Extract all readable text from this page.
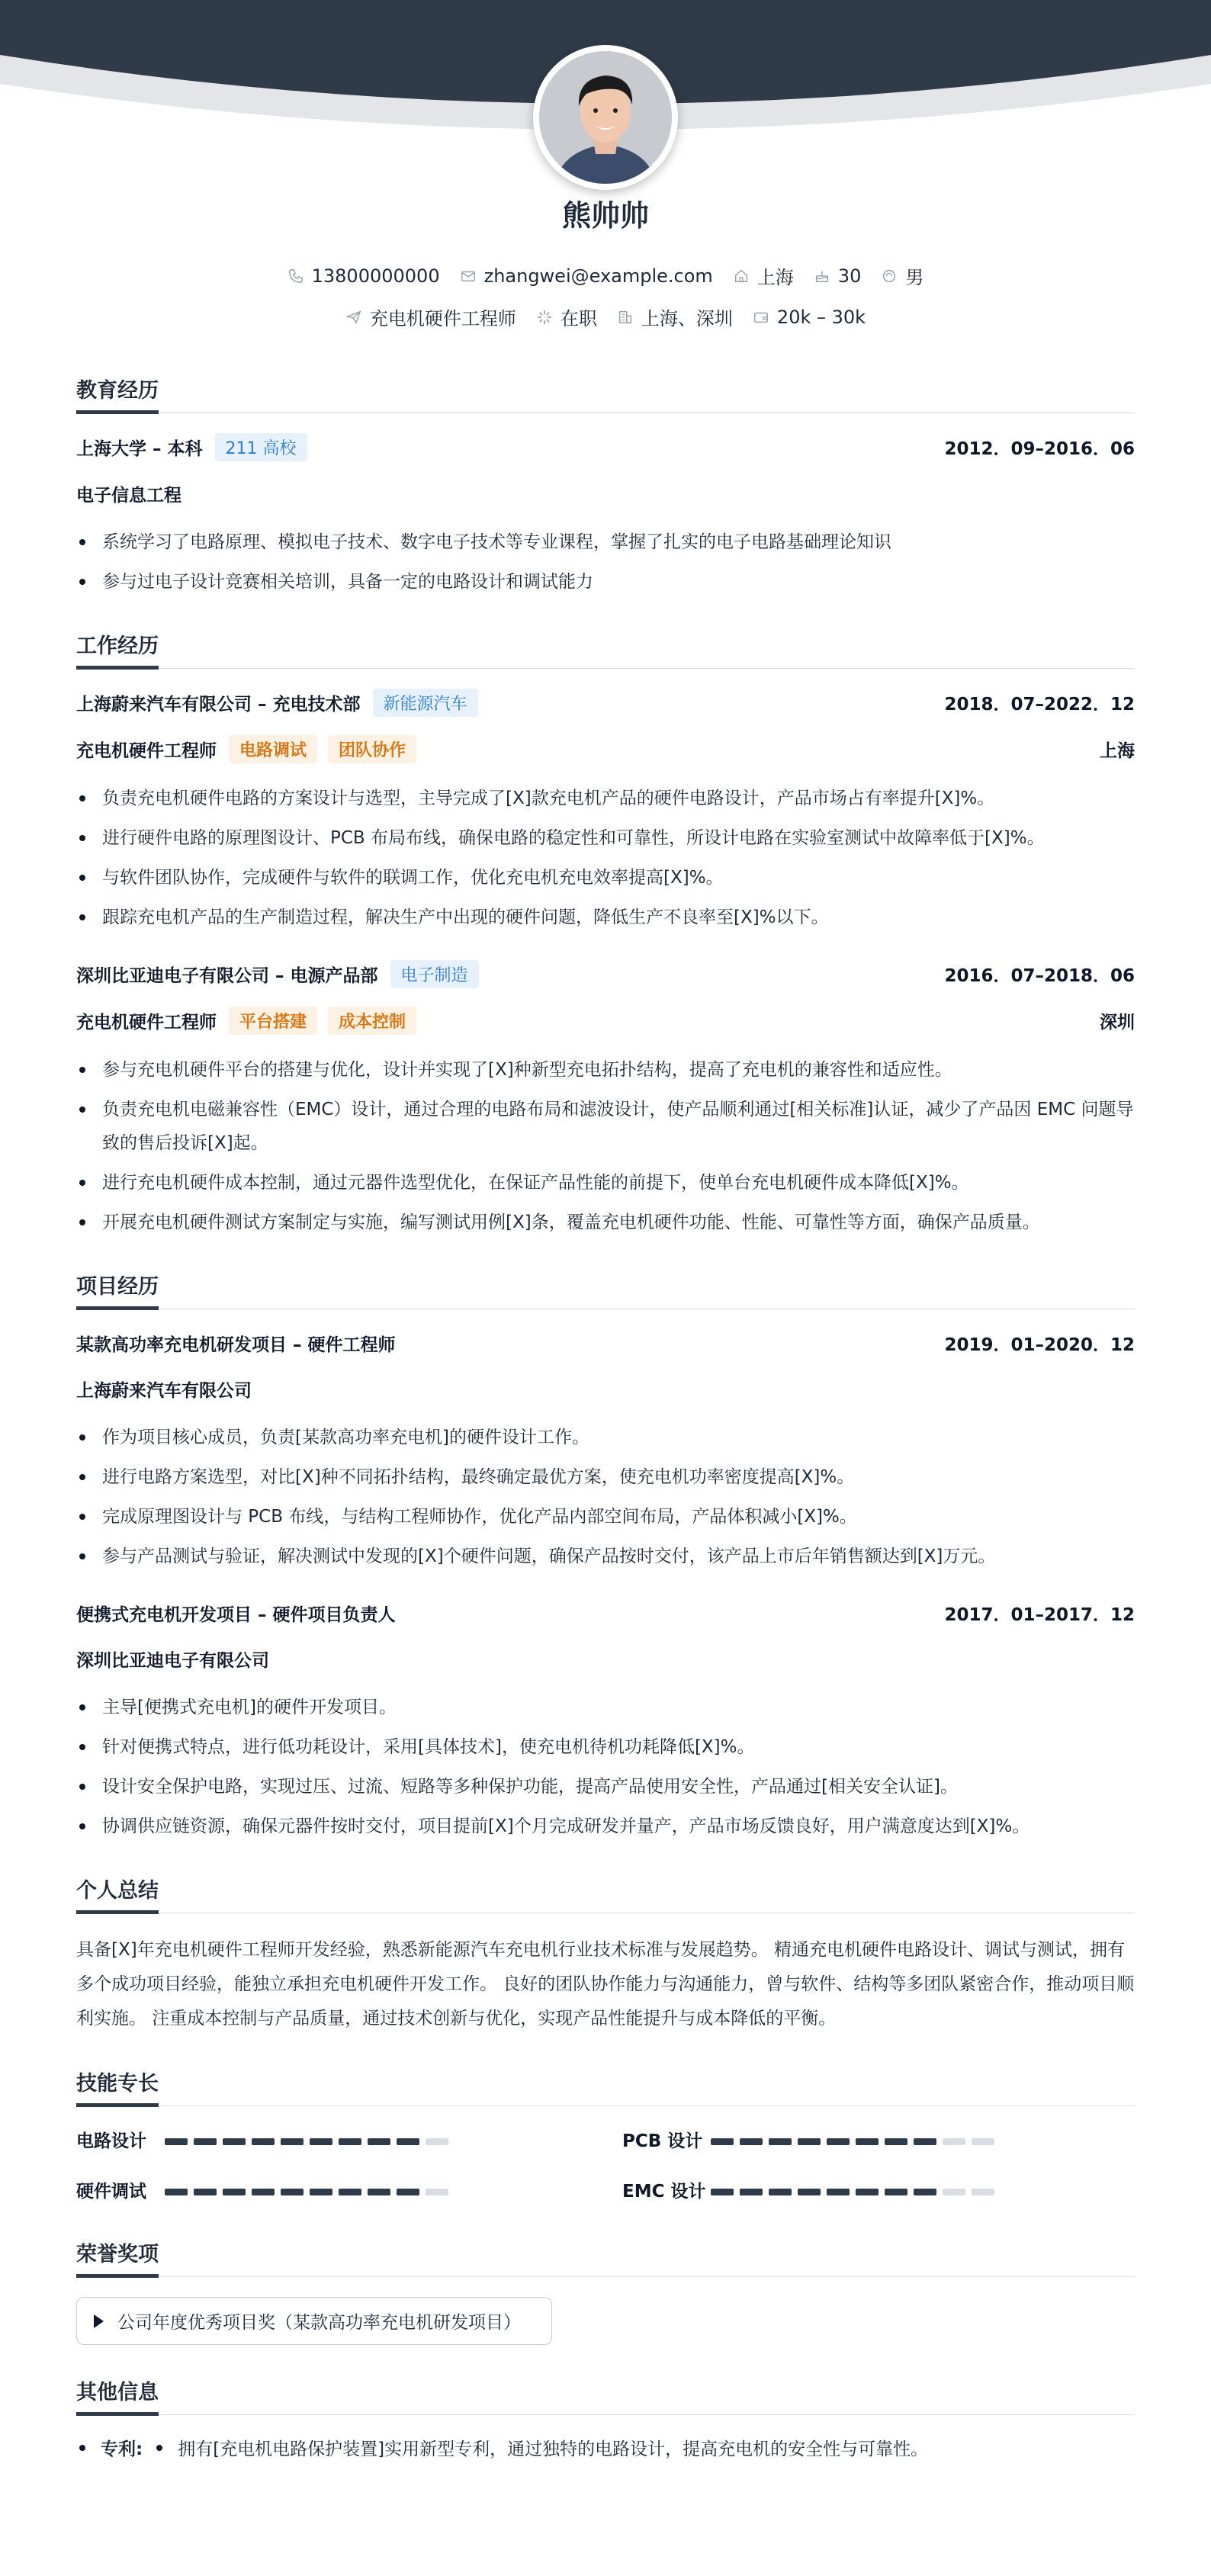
熊帅帅
13800000000 zhangwei@example.com 上海 30 男
充电机硬件工程师 在职 上海、深圳 20k – 30k
教育经历
上海大学 – 本科	211 高校	2012．09–2016．06
电子信息工程
系统学习了电路原理、模拟电子技术、数字电子技术等专业课程，掌握了扎实的电子电路基础理论知识
参与过电子设计竞赛相关培训，具备一定的电路设计和调试能力
工作经历
上海蔚来汽车有限公司 – 充电技术部	新能源汽车	2018．07–2022．12
充电机硬件工程师	电路调试	团队协作	上海
负责充电机硬件电路的方案设计与选型，主导完成了[X]款充电机产品的硬件电路设计，产品市场占有率提升[X]%。
进行硬件电路的原理图设计、PCB 布局布线，确保电路的稳定性和可靠性，所设计电路在实验室测试中故障率低于[X]%。
与软件团队协作，完成硬件与软件的联调工作，优化充电机充电效率提高[X]%。
跟踪充电机产品的生产制造过程，解决生产中出现的硬件问题，降低生产不良率至[X]%以下。
深圳比亚迪电子有限公司 – 电源产品部	电子制造	2016．07–2018．06
充电机硬件工程师	平台搭建	成本控制	深圳
参与充电机硬件平台的搭建与优化，设计并实现了[X]种新型充电拓扑结构，提高了充电机的兼容性和适应性。
负责充电机电磁兼容性（EMC）设计，通过合理的电路布局和滤波设计，使产品顺利通过[相关标准]认证，减少了产品因 EMC 问题导致的售后投诉[X]起。
进行充电机硬件成本控制，通过元器件选型优化，在保证产品性能的前提下，使单台充电机硬件成本降低[X]%。
开展充电机硬件测试方案制定与实施，编写测试用例[X]条，覆盖充电机硬件功能、性能、可靠性等方面，确保产品质量。
项目经历
某款高功率充电机研发项目 – 硬件工程师	2019．01–2020．12
上海蔚来汽车有限公司
作为项目核心成员，负责[某款高功率充电机]的硬件设计工作。
进行电路方案选型，对比[X]种不同拓扑结构，最终确定最优方案，使充电机功率密度提高[X]%。
完成原理图设计与 PCB 布线，与结构工程师协作，优化产品内部空间布局，产品体积减小[X]%。
参与产品测试与验证，解决测试中发现的[X]个硬件问题，确保产品按时交付，该产品上市后年销售额达到[X]万元。
便携式充电机开发项目 – 硬件项目负责人	2017．01–2017．12
深圳比亚迪电子有限公司
主导[便携式充电机]的硬件开发项目。
针对便携式特点，进行低功耗设计，采用[具体技术]，使充电机待机功耗降低[X]%。
设计安全保护电路，实现过压、过流、短路等多种保护功能，提高产品使用安全性，产品通过[相关安全认证]。
协调供应链资源，确保元器件按时交付，项目提前[X]个月完成研发并量产，产品市场反馈良好，用户满意度达到[X]%。
个人总结

具备[X]年充电机硬件工程师开发经验，熟悉新能源汽车充电机行业技术标准与发展趋势。 精通充电机硬件电路设计、调试与测试，拥有多个成功项目经验，能独立承担充电机硬件开发工作。 良好的团队协作能力与沟通能力，曾与软件、结构等多团队紧密合作，推动项目顺利实施。 注重成本控制与产品质量，通过技术创新与优化，实现产品性能提升与成本降低的平衡。

技能专长
电路设计	PCB 设计
硬件调试	EMC 设计
荣誉奖项
公司年度优秀项目奖（某款高功率充电机研发项目）
其他信息
专利: 拥有[充电机电路保护装置]实用新型专利，通过独特的电路设计，提高充电机的安全性与可靠性。
